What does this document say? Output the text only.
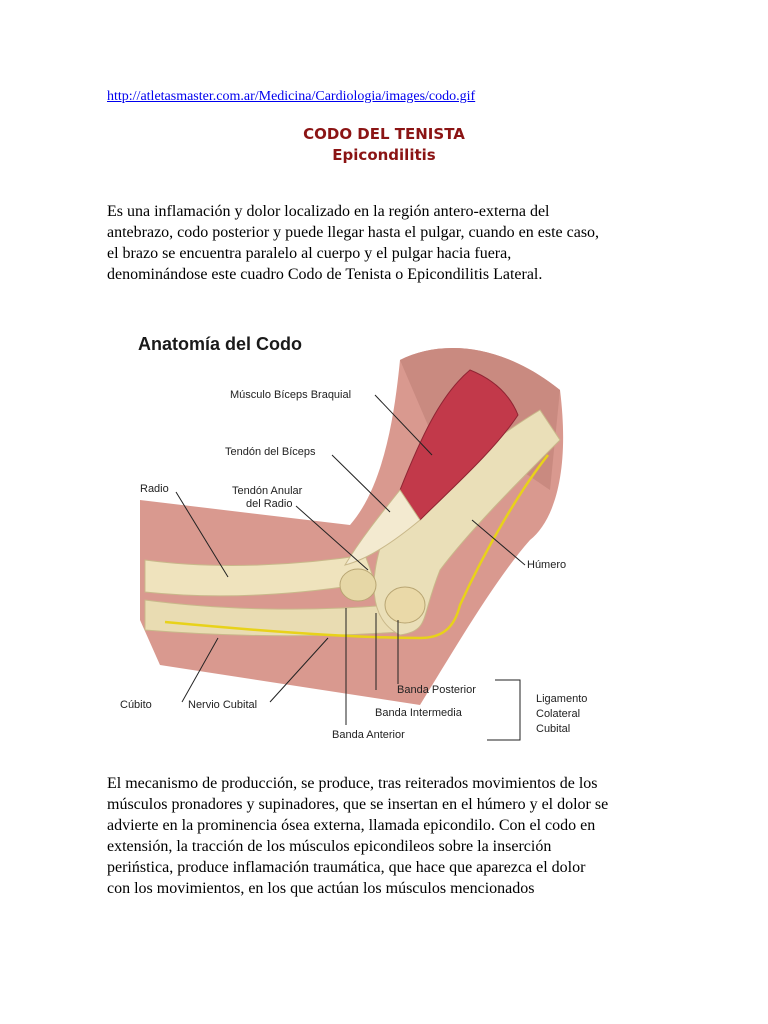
http://atletasmaster.com.ar/Medicina/Cardiologia/images/codo.gif
CODO DEL TENISTA
Epicondilitis

Es una inflamación y dolor localizado en la región antero-externa del
antebrazo, codo posterior y puede llegar hasta el pulgar, cuando en este caso,
el brazo se encuentra paralelo al cuerpo y el pulgar hacia fuera,
denominándose este cuadro Codo de Tenista o Epicondilitis Lateral.

Anatomía del Codo
Músculo Bíceps Braquial
Tendón del Bíceps
Radio	Tendón Anular
del Radio
Húmero
Cúbito	Nervio Cubital
Banda Posterior
Banda Intermedia
Banda Anterior
Ligamento
Colateral
Cubital

El mecanismo de producción, se produce, tras reiterados movimientos de los
músculos pronadores y supinadores, que se insertan en el húmero y el dolor se
advierte en la prominencia ósea externa, llamada epicondilo. Con el codo en
extensión, la tracción de los músculos epicondileos sobre la inserción
periństica, produce inflamación traumática, que hace que aparezca el dolor
con los movimientos, en los que actúan los músculos mencionados
